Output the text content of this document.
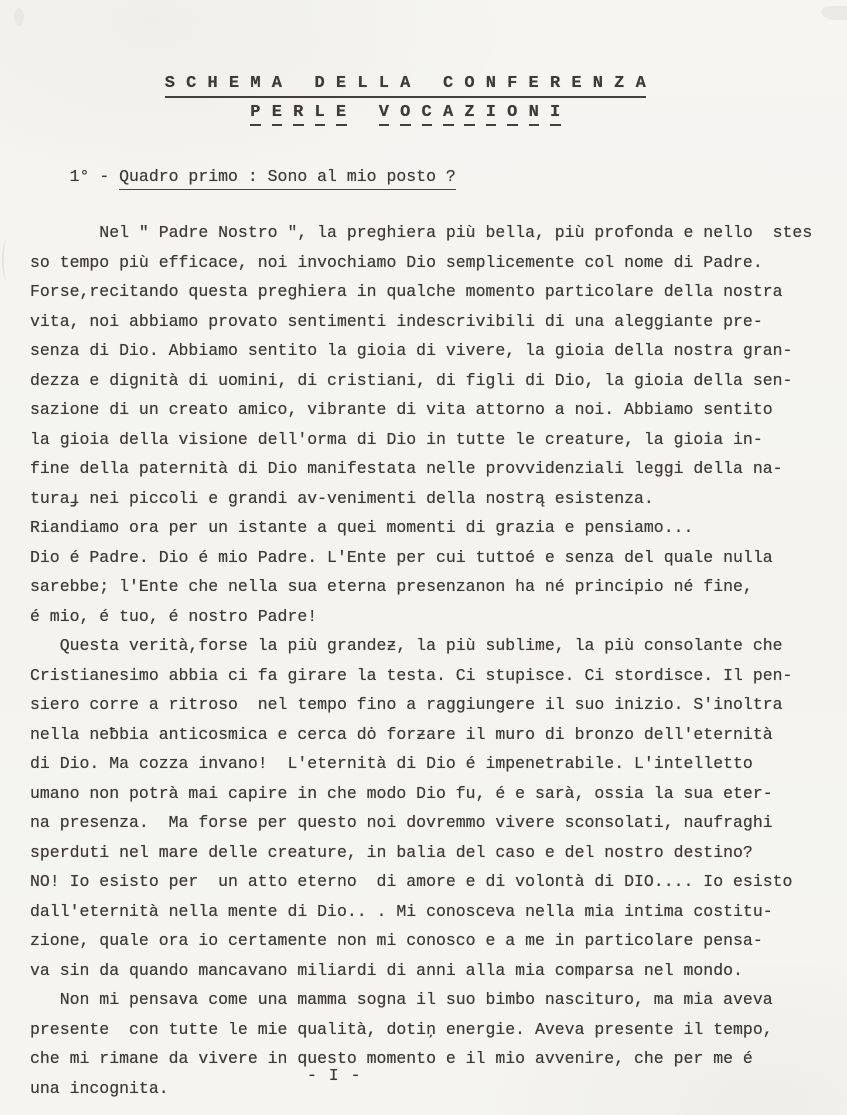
S C H E M A   D E L L A   C O N F E R E N Z A
P E R L E V O C A Z I O N I

1° - Quadro primo : Sono al mio posto ?

Nel " Padre Nostro ", la preghiera più bella, più profonda e nello  stes
so tempo più efficace, noi invochiamo Dio semplicemente col nome di Padre.
Forse,recitando questa preghiera in qualche momento particolare della nostra
vita, noi abbiamo provato sentimenti indescrivibili di una aleggiante pre-
senza di Dio. Abbiamo sentito la gioia di vivere, la gioia della nostra gran-
dezza e dignità di uomini, di cristiani, di figli di Dio, la gioia della sen-
sazione di un creato amico, vibrante di vita attorno a noi. Abbiamo sentito
la gioia della visione dell'orma di Dio in tutte le creature, la gioia in-
fine della paternità di Dio manifestata nelle provvidenziali leggi della na-
turaɟ nei piccoli e grandi av-venimenti della nostrą esistenza.
Riandiamo ora per un istante a quei momenti di grazia e pensiamo...
Dio é Padre. Dio é mio Padre. L'Ente per cui tuttoé e senza del quale nulla
sarebbe; l'Ente che nella sua eterna presenzanon ha né principio né fine,
é mio, é tuo, é nostro Padre!
Questa verità,forse la più grandeƶ, la più sublime, la più consolante che
Cristianesimo abbia ci fa girare la testa. Ci stupisce. Ci stordisce. Il pen-
siero corre a ritroso  nel tempo fino a raggiungere il suo inizio. S'inoltra
nella neƀbia anticosmica e cerca dȯ forƶare il muro di bronzo dell'eternità
di Dio. Ma cozza invano!  L'eternità di Dio é impenetrabile. L'intelletto
umano non potrà mai capire in che modo Dio fu, é e sarà, ossia la sua eter-
na presenza.  Ma forse per questo noi dovremmo vivere sconsolati, naufraghi
sperduti nel mare delle creature, in balia del caso e del nostro destino?
NO! Io esisto per  un atto eterno  di amore e di volontà di DIO.... Io esisto
dall'eternità nella mente di Dio.. . Mi conosceva nella mia intima costitu-
zione, quale ora io certamente non mi conosco e a me in particolare pensa-
va sin da quando mancavano miliardi di anni alla mia comparsa nel mondo.
Non mi pensava come una mamma sogna il suo bimbo nascituro, ma mia aveva
presente  con tutte le mie qualità, dotiņ energie. Aveva presente il tempo,
che mi rimane da vivere in questo momento e il mio avvenire, che per me é
una incognita.
- I -
